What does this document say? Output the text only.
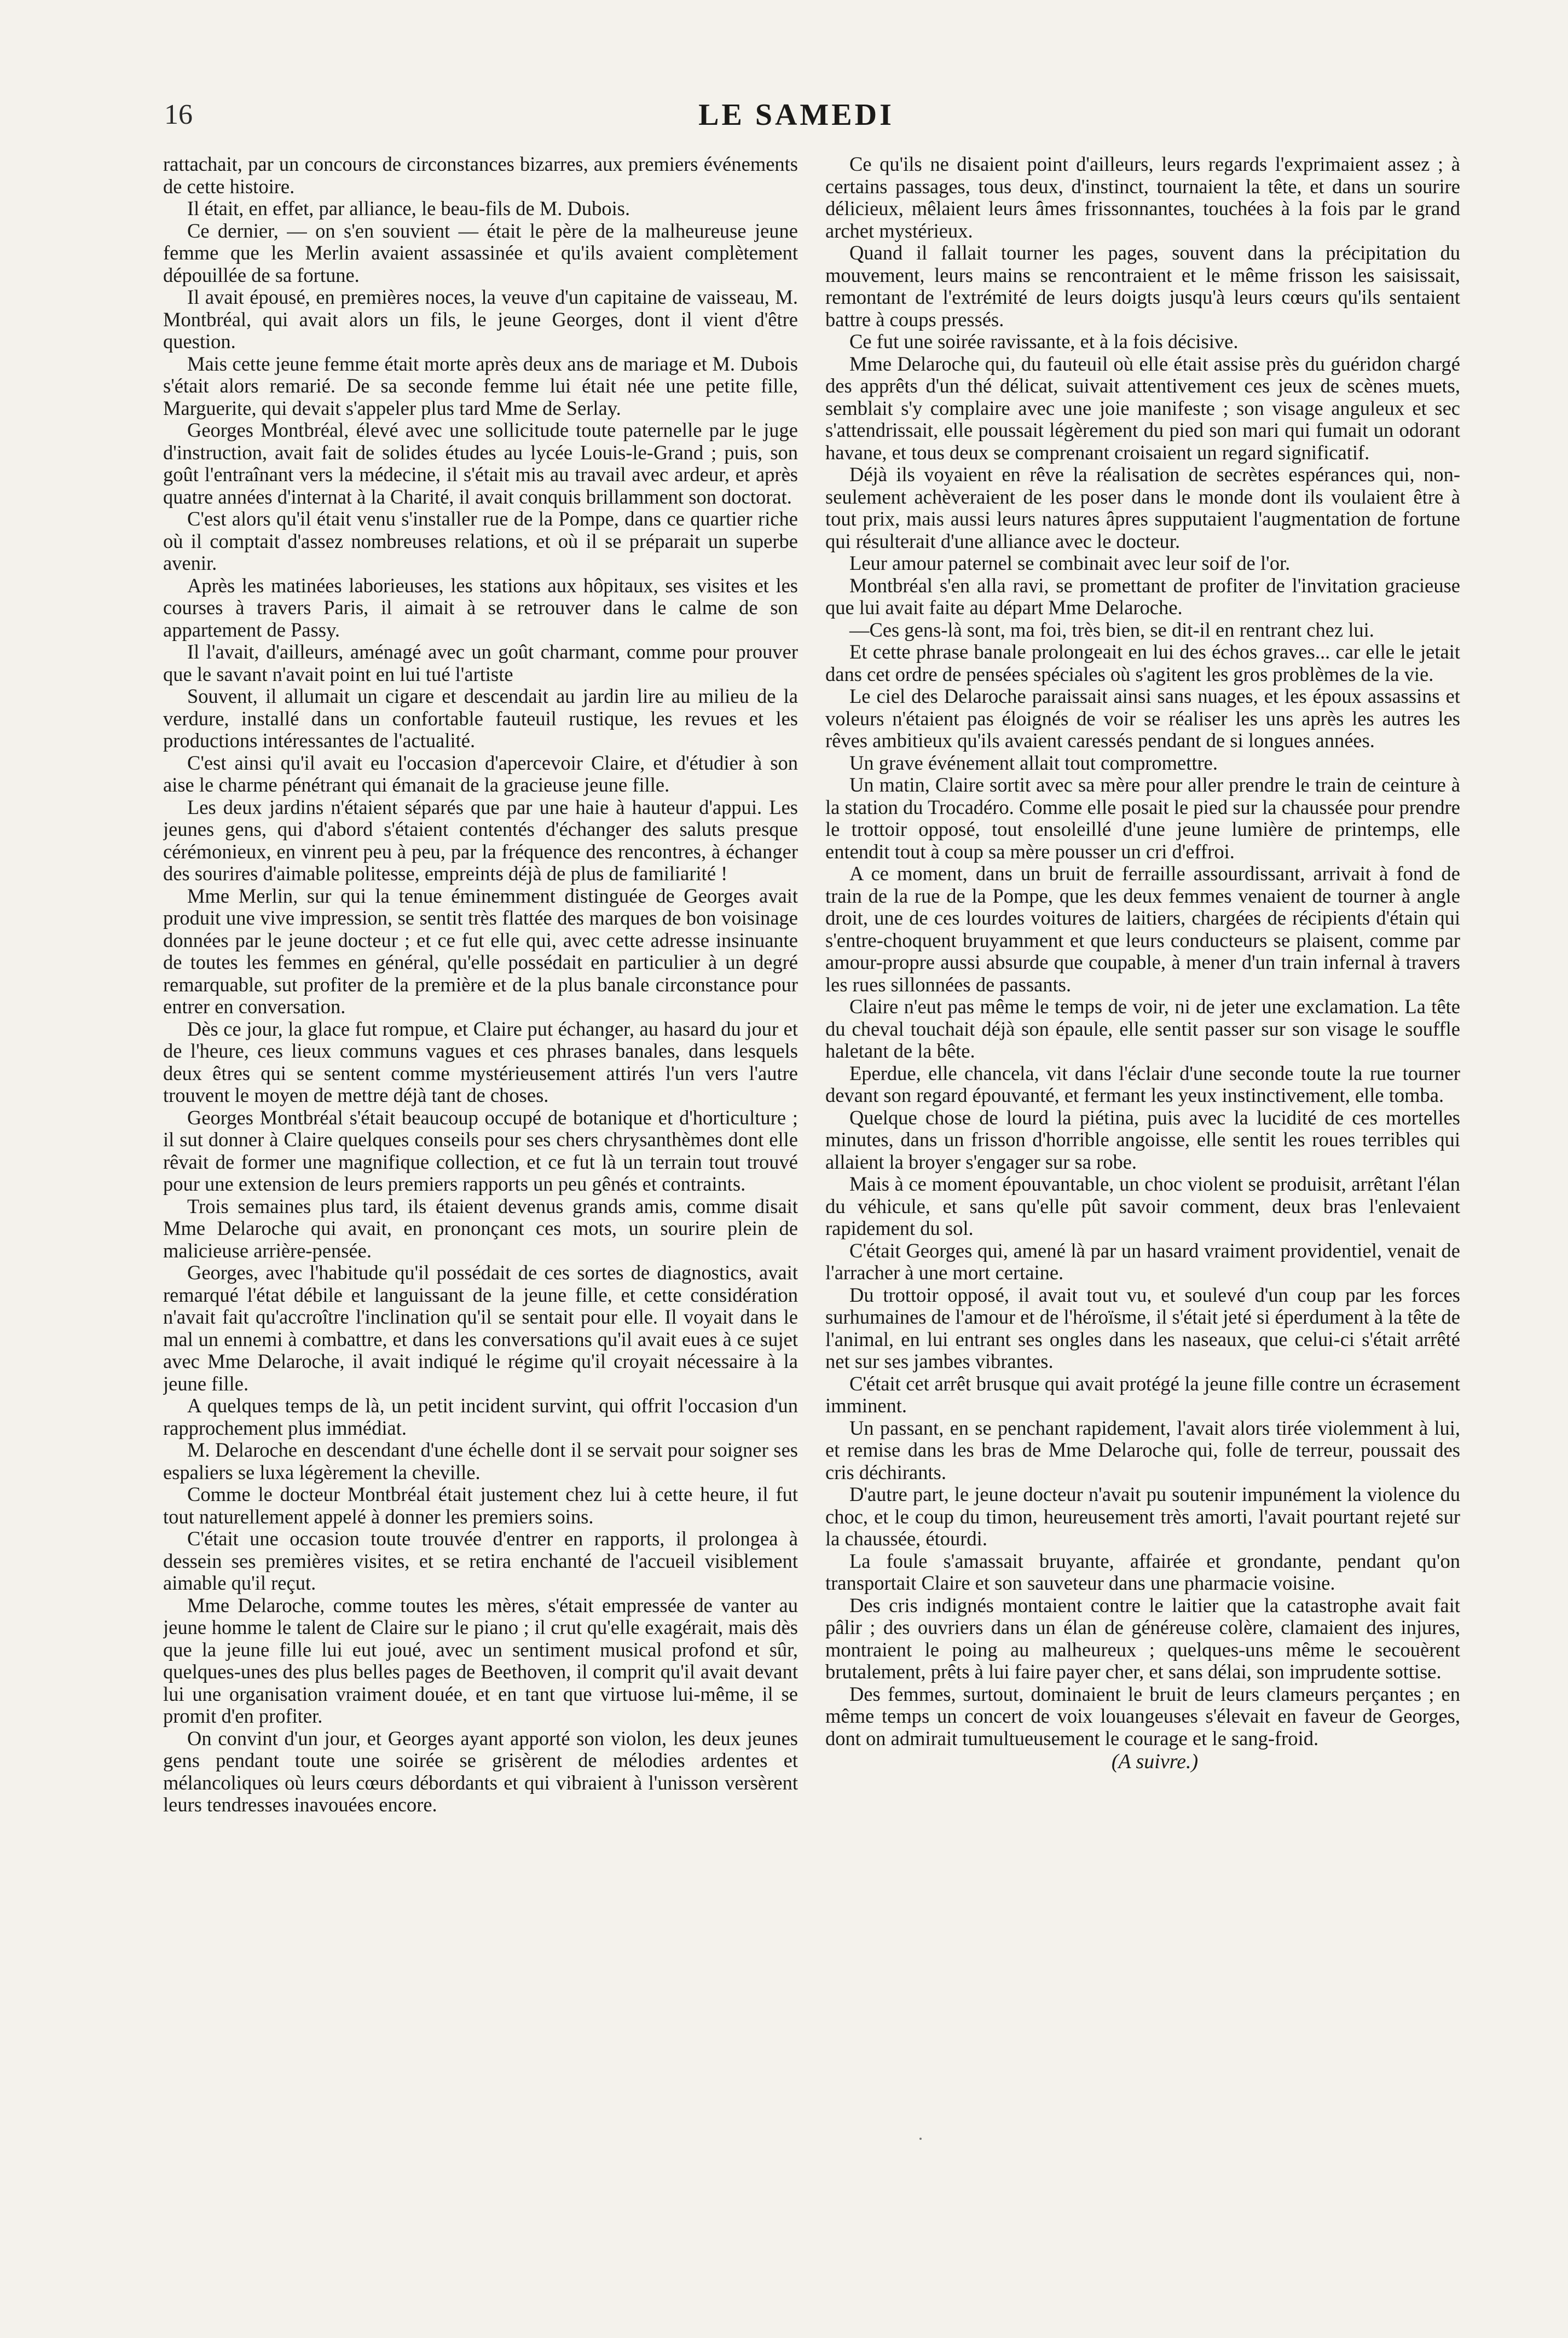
16	LE SAMEDI

rattachait, par un concours de circonstances bizarres, aux premiers événements de cette histoire.

Il était, en effet, par alliance, le beau-fils de M. Dubois.

Ce dernier, — on s'en souvient — était le père de la malheureuse jeune femme que les Merlin avaient assassinée et qu'ils avaient complètement dépouillée de sa fortune.

Il avait épousé, en premières noces, la veuve d'un capitaine de vaisseau, M. Montbréal, qui avait alors un fils, le jeune Georges, dont il vient d'être question.

Mais cette jeune femme était morte après deux ans de mariage et M. Dubois s'était alors remarié. De sa seconde femme lui était née une petite fille, Marguerite, qui devait s'appeler plus tard Mme de Serlay.

Georges Montbréal, élevé avec une sollicitude toute paternelle par le juge d'instruction, avait fait de solides études au lycée Louis-le-Grand ; puis, son goût l'entraînant vers la médecine, il s'était mis au travail avec ardeur, et après quatre années d'internat à la Charité, il avait conquis brillamment son doctorat.

C'est alors qu'il était venu s'installer rue de la Pompe, dans ce quartier riche où il comptait d'assez nombreuses relations, et où il se préparait un superbe avenir.

Après les matinées laborieuses, les stations aux hôpitaux, ses visites et les courses à travers Paris, il aimait à se retrouver dans le calme de son appartement de Passy.

Il l'avait, d'ailleurs, aménagé avec un goût charmant, comme pour prouver que le savant n'avait point en lui tué l'artiste

Souvent, il allumait un cigare et descendait au jardin lire au milieu de la verdure, installé dans un confortable fauteuil rustique, les revues et les productions intéressantes de l'actualité.

C'est ainsi qu'il avait eu l'occasion d'apercevoir Claire, et d'étudier à son aise le charme pénétrant qui émanait de la gracieuse jeune fille.

Les deux jardins n'étaient séparés que par une haie à hauteur d'appui. Les jeunes gens, qui d'abord s'étaient contentés d'échanger des saluts presque cérémonieux, en vinrent peu à peu, par la fréquence des rencontres, à échanger des sourires d'aimable politesse, empreints déjà de plus de familiarité !

Mme Merlin, sur qui la tenue éminemment distinguée de Georges avait produit une vive impression, se sentit très flattée des marques de bon voisinage données par le jeune docteur ; et ce fut elle qui, avec cette adresse insinuante de toutes les femmes en général, qu'elle possédait en particulier à un degré remarquable, sut profiter de la première et de la plus banale circonstance pour entrer en conversation.

Dès ce jour, la glace fut rompue, et Claire put échanger, au hasard du jour et de l'heure, ces lieux communs vagues et ces phrases banales, dans lesquels deux êtres qui se sentent comme mystérieusement attirés l'un vers l'autre trouvent le moyen de mettre déjà tant de choses.

Georges Montbréal s'était beaucoup occupé de botanique et d'horticulture ; il sut donner à Claire quelques conseils pour ses chers chrysanthèmes dont elle rêvait de former une magnifique collection, et ce fut là un terrain tout trouvé pour une extension de leurs premiers rapports un peu gênés et contraints.

Trois semaines plus tard, ils étaient devenus grands amis, comme disait Mme Delaroche qui avait, en prononçant ces mots, un sourire plein de malicieuse arrière-pensée.

Georges, avec l'habitude qu'il possédait de ces sortes de diagnostics, avait remarqué l'état débile et languissant de la jeune fille, et cette considération n'avait fait qu'accroître l'inclination qu'il se sentait pour elle. Il voyait dans le mal un ennemi à combattre, et dans les conversations qu'il avait eues à ce sujet avec Mme Delaroche, il avait indiqué le régime qu'il croyait nécessaire à la jeune fille.

A quelques temps de là, un petit incident survint, qui offrit l'occasion d'un rapprochement plus immédiat.

M. Delaroche en descendant d'une échelle dont il se servait pour soigner ses espaliers se luxa légèrement la cheville.

Comme le docteur Montbréal était justement chez lui à cette heure, il fut tout naturellement appelé à donner les premiers soins.

C'était une occasion toute trouvée d'entrer en rapports, il prolongea à dessein ses premières visites, et se retira enchanté de l'accueil visiblement aimable qu'il reçut.

Mme Delaroche, comme toutes les mères, s'était empressée de vanter au jeune homme le talent de Claire sur le piano ; il crut qu'elle exagérait, mais dès que la jeune fille lui eut joué, avec un sentiment musical profond et sûr, quelques-unes des plus belles pages de Beethoven, il comprit qu'il avait devant lui une organisation vraiment douée, et en tant que virtuose lui-même, il se promit d'en profiter.

On convint d'un jour, et Georges ayant apporté son violon, les deux jeunes gens pendant toute une soirée se grisèrent de mélodies ardentes et mélancoliques où leurs cœurs débordants et qui vibraient à l'unisson versèrent leurs tendresses inavouées encore.

Ce qu'ils ne disaient point d'ailleurs, leurs regards l'exprimaient assez ; à certains passages, tous deux, d'instinct, tournaient la tête, et dans un sourire délicieux, mêlaient leurs âmes frissonnantes, touchées à la fois par le grand archet mystérieux.

Quand il fallait tourner les pages, souvent dans la précipitation du mouvement, leurs mains se rencontraient et le même frisson les saisissait, remontant de l'extrémité de leurs doigts jusqu'à leurs cœurs qu'ils sentaient battre à coups pressés.

Ce fut une soirée ravissante, et à la fois décisive.

Mme Delaroche qui, du fauteuil où elle était assise près du guéridon chargé des apprêts d'un thé délicat, suivait attentivement ces jeux de scènes muets, semblait s'y complaire avec une joie manifeste ; son visage anguleux et sec s'attendrissait, elle poussait légèrement du pied son mari qui fumait un odorant havane, et tous deux se comprenant croisaient un regard significatif.

Déjà ils voyaient en rêve la réalisation de secrètes espérances qui, non-seulement achèveraient de les poser dans le monde dont ils voulaient être à tout prix, mais aussi leurs natures âpres supputaient l'augmentation de fortune qui résulterait d'une alliance avec le docteur.

Leur amour paternel se combinait avec leur soif de l'or.

Montbréal s'en alla ravi, se promettant de profiter de l'invitation gracieuse que lui avait faite au départ Mme Delaroche.

—Ces gens-là sont, ma foi, très bien, se dit-il en rentrant chez lui.

Et cette phrase banale prolongeait en lui des échos graves... car elle le jetait dans cet ordre de pensées spéciales où s'agitent les gros problèmes de la vie.

Le ciel des Delaroche paraissait ainsi sans nuages, et les époux assassins et voleurs n'étaient pas éloignés de voir se réaliser les uns après les autres les rêves ambitieux qu'ils avaient caressés pendant de si longues années.

Un grave événement allait tout compromettre.

Un matin, Claire sortit avec sa mère pour aller prendre le train de ceinture à la station du Trocadéro. Comme elle posait le pied sur la chaussée pour prendre le trottoir opposé, tout ensoleillé d'une jeune lumière de printemps, elle entendit tout à coup sa mère pousser un cri d'effroi.

A ce moment, dans un bruit de ferraille assourdissant, arrivait à fond de train de la rue de la Pompe, que les deux femmes venaient de tourner à angle droit, une de ces lourdes voitures de laitiers, chargées de récipients d'étain qui s'entre-choquent bruyamment et que leurs conducteurs se plaisent, comme par amour-propre aussi absurde que coupable, à mener d'un train infernal à travers les rues sillonnées de passants.

Claire n'eut pas même le temps de voir, ni de jeter une exclamation. La tête du cheval touchait déjà son épaule, elle sentit passer sur son visage le souffle haletant de la bête.

Eperdue, elle chancela, vit dans l'éclair d'une seconde toute la rue tourner devant son regard épouvanté, et fermant les yeux instinctivement, elle tomba.

Quelque chose de lourd la piétina, puis avec la lucidité de ces mortelles minutes, dans un frisson d'horrible angoisse, elle sentit les roues terribles qui allaient la broyer s'engager sur sa robe.

Mais à ce moment épouvantable, un choc violent se produisit, arrêtant l'élan du véhicule, et sans qu'elle pût savoir comment, deux bras l'enlevaient rapidement du sol.

C'était Georges qui, amené là par un hasard vraiment providentiel, venait de l'arracher à une mort certaine.

Du trottoir opposé, il avait tout vu, et soulevé d'un coup par les forces surhumaines de l'amour et de l'héroïsme, il s'était jeté si éperdument à la tête de l'animal, en lui entrant ses ongles dans les naseaux, que celui-ci s'était arrêté net sur ses jambes vibrantes.

C'était cet arrêt brusque qui avait protégé la jeune fille contre un écrasement imminent.

Un passant, en se penchant rapidement, l'avait alors tirée violemment à lui, et remise dans les bras de Mme Delaroche qui, folle de terreur, poussait des cris déchirants.

D'autre part, le jeune docteur n'avait pu soutenir impunément la violence du choc, et le coup du timon, heureusement très amorti, l'avait pourtant rejeté sur la chaussée, étourdi.

La foule s'amassait bruyante, affairée et grondante, pendant qu'on transportait Claire et son sauveteur dans une pharmacie voisine.

Des cris indignés montaient contre le laitier que la catastrophe avait fait pâlir ; des ouvriers dans un élan de généreuse colère, clamaient des injures, montraient le poing au malheureux ; quelques-uns même le secouèrent brutalement, prêts à lui faire payer cher, et sans délai, son imprudente sottise.

Des femmes, surtout, dominaient le bruit de leurs clameurs perçantes ; en même temps un concert de voix louangeuses s'élevait en faveur de Georges, dont on admirait tumultueusement le courage et le sang-froid.

(A suivre.)
